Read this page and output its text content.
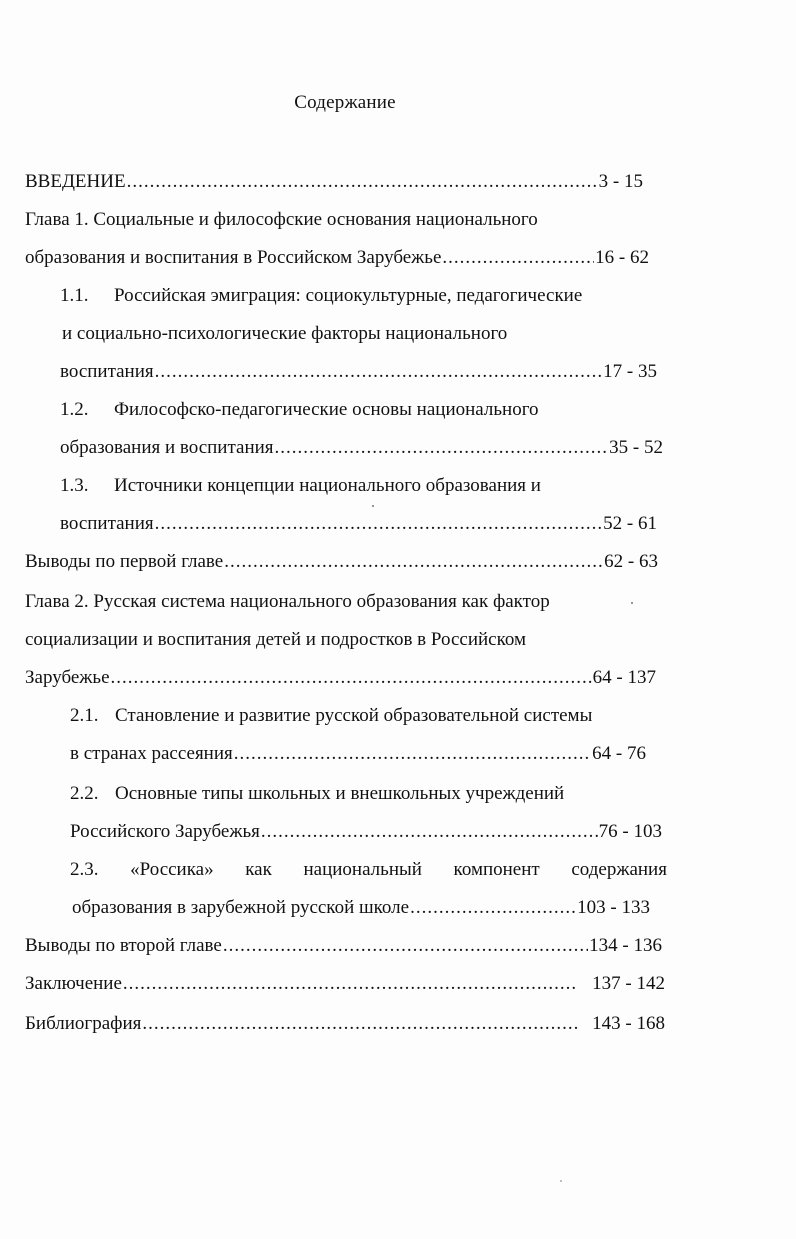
Содержание
ВВЕДЕНИЕ .....	3 - 15
Глава 1. Социальные и философские основания национального
образования и воспитания в Российском Зарубежье .....	16 - 62
1.1. Российская эмиграция: социокультурные, педагогические
и социально-психологические факторы национального
воспитания .....	17 - 35
1.2. Философско-педагогические основы национального
образования и воспитания .....	35 - 52
1.3. Источники концепции национального образования и
воспитания .....	52 - 61
Выводы по первой главе .....	62 - 63
Глава 2. Русская система национального образования как фактор
социализации и воспитания детей и подростков в Российском
Зарубежье .....	64 - 137
2.1. Становление и развитие русской образовательной системы
в странах рассеяния .....	64 - 76
2.2. Основные типы школьных и внешкольных учреждений
Российского Зарубежья .....	76 - 103
2.3. «Россика» как национальный компонент содержания
образования в зарубежной русской школе .....	103 - 133
Выводы по второй главе .....	134 - 136
Заключение .....	137 - 142
Библиография .....	143 - 168
